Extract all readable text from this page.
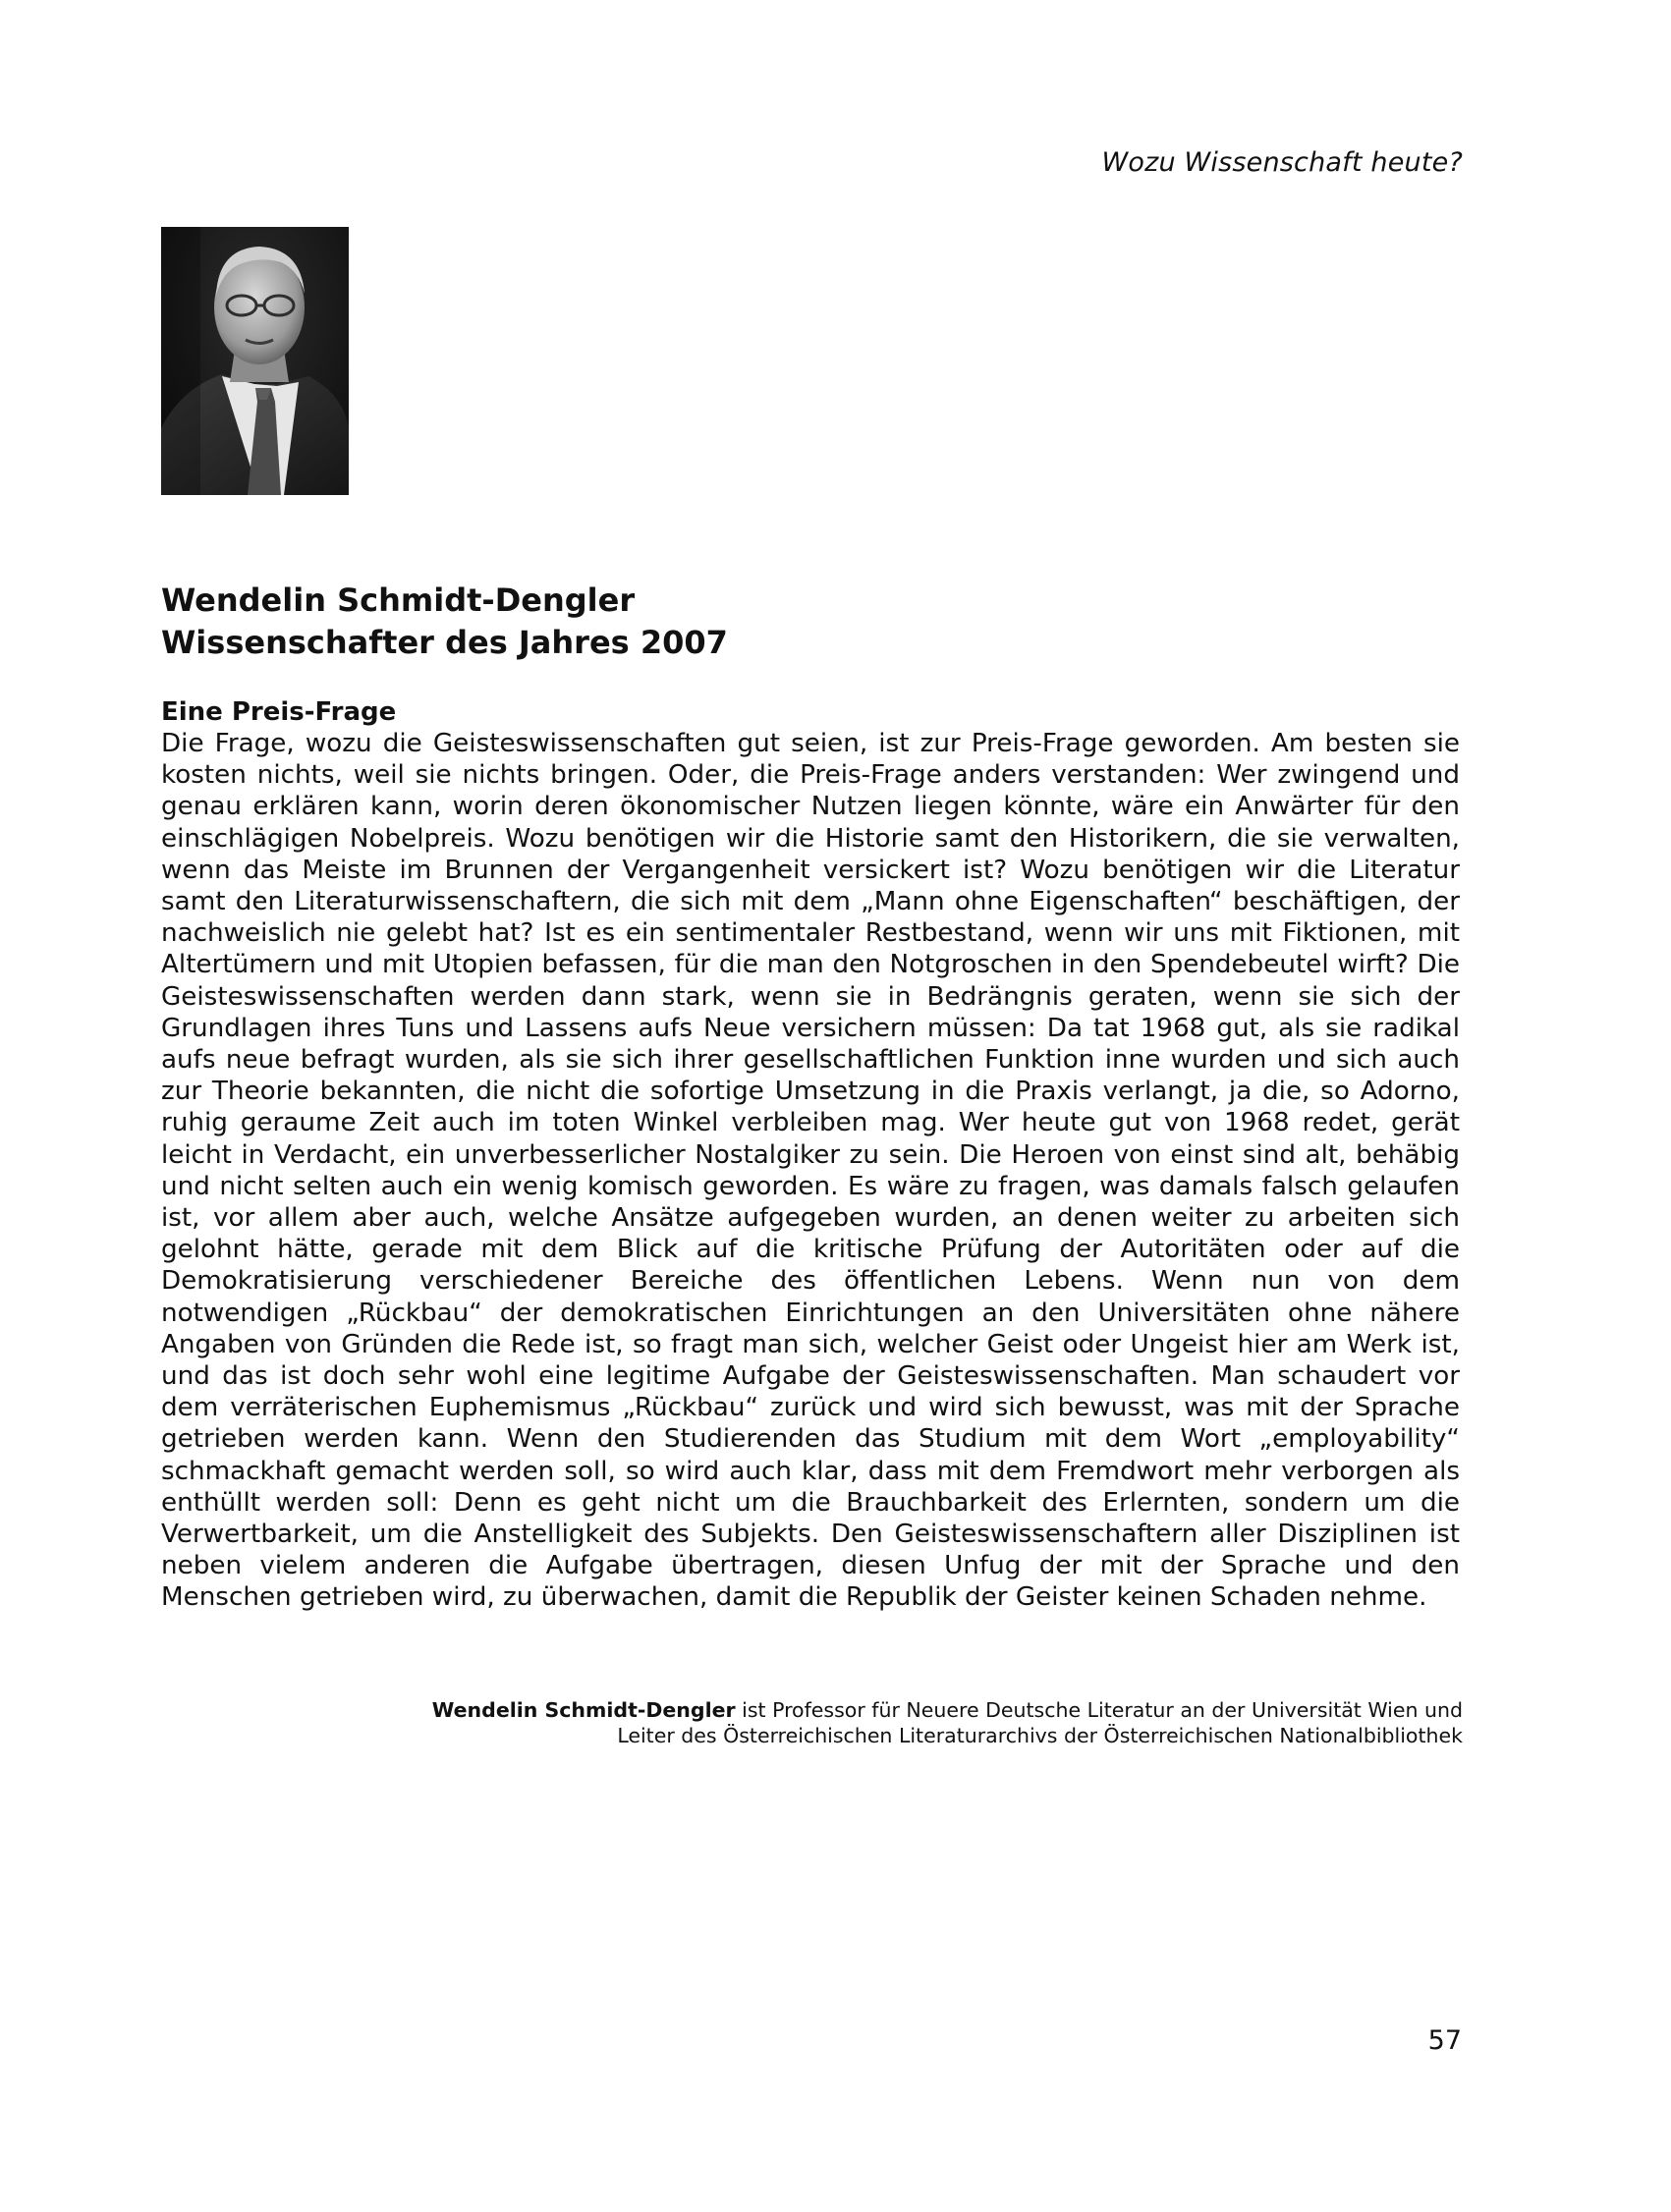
Wozu Wissenschaft heute?
Wendelin Schmidt-Dengler
Wissenschafter des Jahres 2007
Eine Preis-Frage

Die Frage, wozu die Geisteswissenschaften gut seien, ist zur Preis-Frage geworden. Am besten sie kosten nichts, weil sie nichts bringen. Oder, die Preis-Frage anders verstanden: Wer zwingend und genau erklären kann, worin deren ökonomischer Nutzen liegen könnte, wäre ein Anwärter für den einschlägigen Nobelpreis. Wozu benötigen wir die Historie samt den Historikern, die sie verwalten, wenn das Meiste im Brunnen der Vergangenheit versickert ist? Wozu benötigen wir die Literatur samt den Literaturwissenschaftern, die sich mit dem „Mann ohne Eigenschaften“ beschäftigen, der nachweislich nie gelebt hat? Ist es ein sentimentaler Restbestand, wenn wir uns mit Fiktionen, mit Altertümern und mit Utopien befassen, für die man den Notgroschen in den Spendebeutel wirft? Die Geisteswissenschaften werden dann stark, wenn sie in Bedrängnis geraten, wenn sie sich der Grundlagen ihres Tuns und Lassens aufs Neue versichern müssen: Da tat 1968 gut, als sie radikal aufs neue befragt wurden, als sie sich ihrer gesellschaftlichen Funktion inne wurden und sich auch zur Theorie bekannten, die nicht die sofortige Umsetzung in die Praxis verlangt, ja die, so Adorno, ruhig geraume Zeit auch im toten Winkel verbleiben mag. Wer heute gut von 1968 redet, gerät leicht in Verdacht, ein unverbesserlicher Nostalgiker zu sein. Die Heroen von einst sind alt, behäbig und nicht selten auch ein wenig komisch geworden. Es wäre zu fragen, was damals falsch gelaufen ist, vor allem aber auch, welche Ansätze aufgegeben wurden, an denen weiter zu arbeiten sich gelohnt hätte, gerade mit dem Blick auf die kritische Prüfung der Autoritäten oder auf die Demokratisierung verschiedener Bereiche des öffentlichen Lebens. Wenn nun von dem notwendigen „Rückbau“ der demokratischen Einrichtungen an den Universitäten ohne nähere Angaben von Gründen die Rede ist, so fragt man sich, welcher Geist oder Ungeist hier am Werk ist, und das ist doch sehr wohl eine legitime Aufgabe der Geisteswissenschaften. Man schaudert vor dem verräterischen Euphemismus „Rückbau“ zurück und wird sich bewusst, was mit der Sprache getrieben werden kann. Wenn den Studierenden das Studium mit dem Wort „employability“ schmackhaft gemacht werden soll, so wird auch klar, dass mit dem Fremdwort mehr verborgen als enthüllt werden soll: Denn es geht nicht um die Brauchbarkeit des Erlernten, sondern um die Verwertbarkeit, um die Anstelligkeit des Subjekts. Den Geisteswissenschaftern aller Disziplinen ist neben vielem anderen die Aufgabe übertragen, diesen Unfug der mit der Sprache und den Menschen getrieben wird, zu überwachen, damit die Republik der Geister keinen Schaden nehme.

Wendelin Schmidt-Dengler ist Professor für Neuere Deutsche Literatur an der Universität Wien und
Leiter des Österreichischen Literaturarchivs der Österreichischen Nationalbibliothek
57
